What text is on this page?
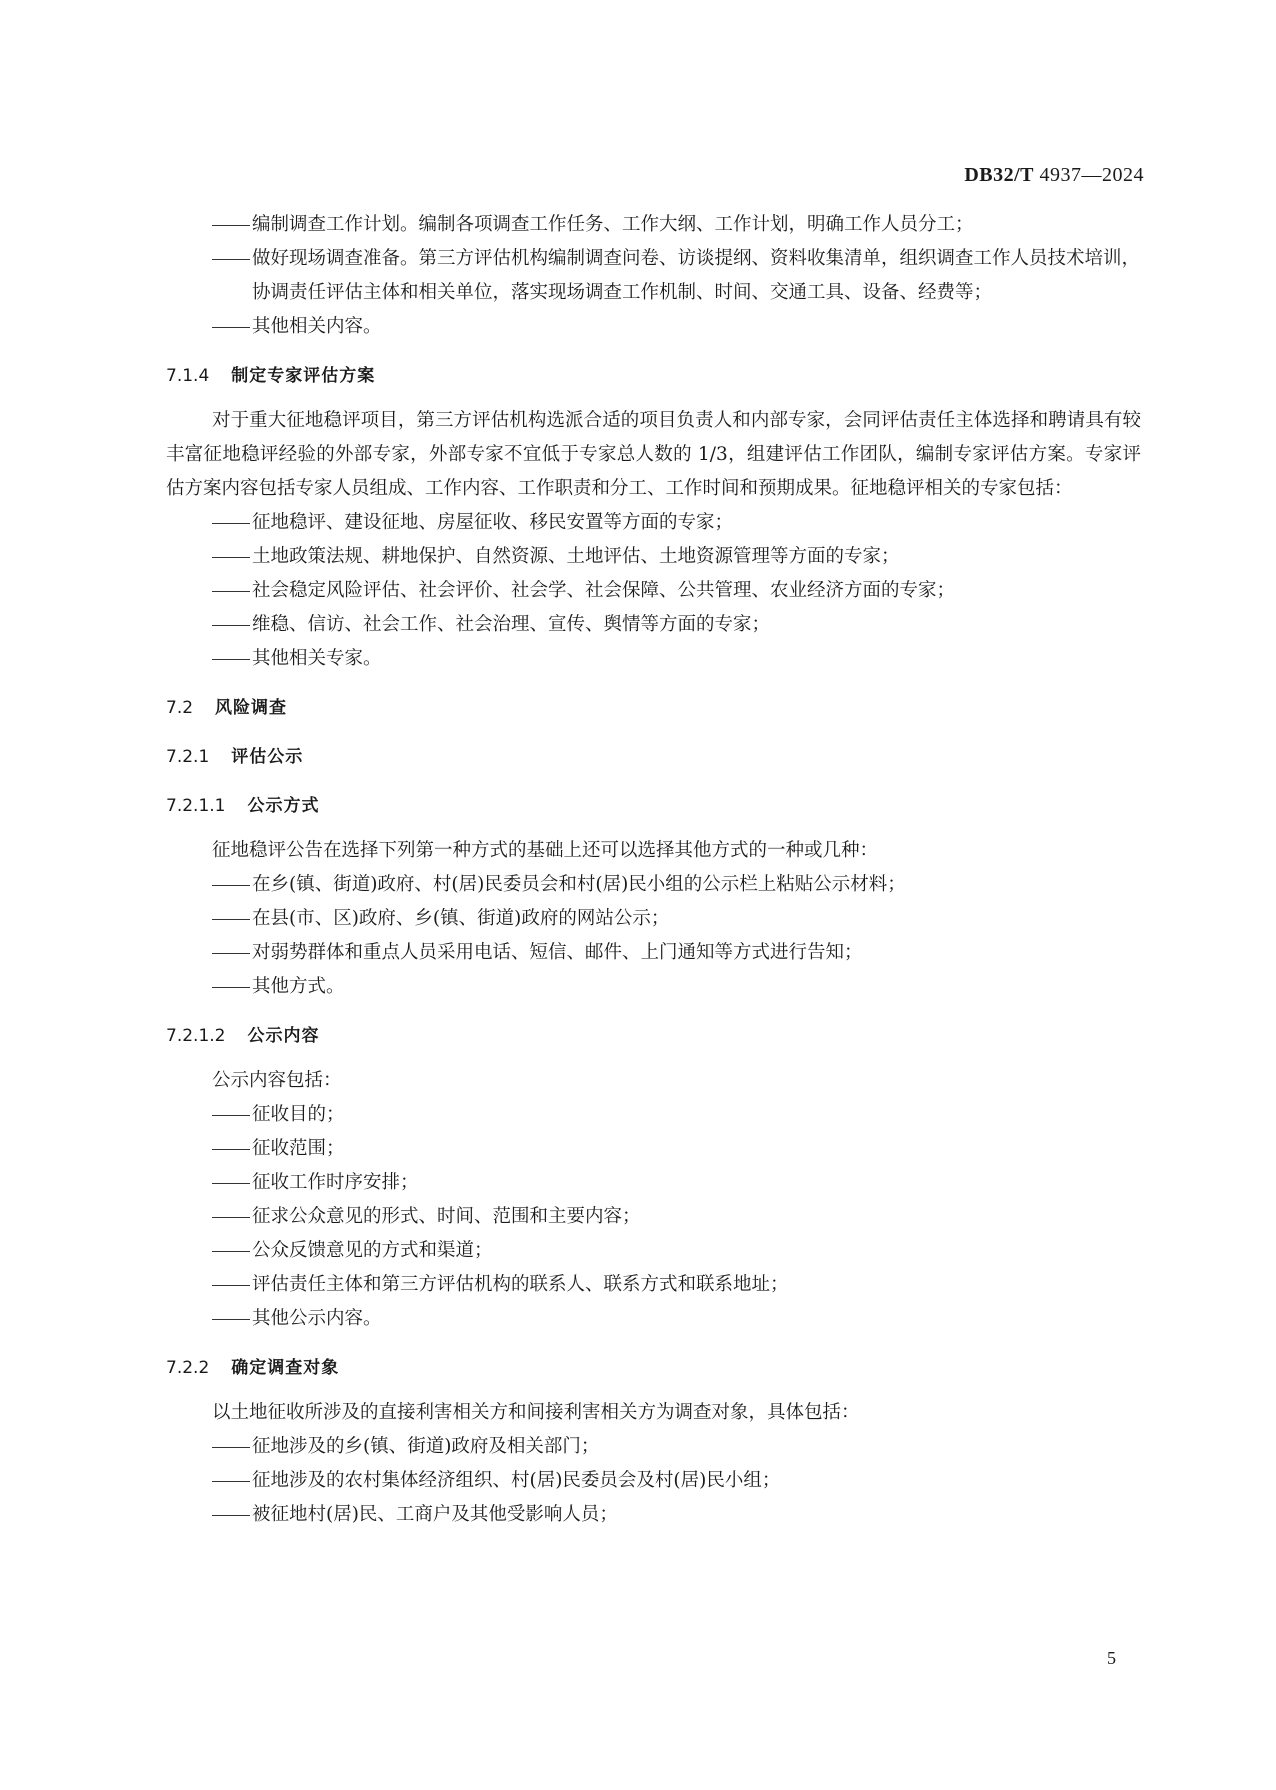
DB32/T 4937—2024
编制调查工作计划。编制各项调查工作任务、工作大纲、工作计划，明确工作人员分工；
做好现场调查准备。第三方评估机构编制调查问卷、访谈提纲、资料收集清单，组织调查工作人员技术培训，协调责任评估主体和相关单位，落实现场调查工作机制、时间、交通工具、设备、经费等；
其他相关内容。
7.1.4 制定专家评估方案
对于重大征地稳评项目，第三方评估机构选派合适的项目负责人和内部专家，会同评估责任主体选择和聘请具有较丰富征地稳评经验的外部专家，外部专家不宜低于专家总人数的 1/3，组建评估工作团队，编制专家评估方案。专家评估方案内容包括专家人员组成、工作内容、工作职责和分工、工作时间和预期成果。征地稳评相关的专家包括：
征地稳评、建设征地、房屋征收、移民安置等方面的专家；
土地政策法规、耕地保护、自然资源、土地评估、土地资源管理等方面的专家；
社会稳定风险评估、社会评价、社会学、社会保障、公共管理、农业经济方面的专家；
维稳、信访、社会工作、社会治理、宣传、舆情等方面的专家；
其他相关专家。
7.2 风险调查
7.2.1 评估公示
7.2.1.1 公示方式
征地稳评公告在选择下列第一种方式的基础上还可以选择其他方式的一种或几种：
在乡(镇、街道)政府、村(居)民委员会和村(居)民小组的公示栏上粘贴公示材料；
在县(市、区)政府、乡(镇、街道)政府的网站公示；
对弱势群体和重点人员采用电话、短信、邮件、上门通知等方式进行告知；
其他方式。
7.2.1.2 公示内容
公示内容包括：
征收目的；
征收范围；
征收工作时序安排；
征求公众意见的形式、时间、范围和主要内容；
公众反馈意见的方式和渠道；
评估责任主体和第三方评估机构的联系人、联系方式和联系地址；
其他公示内容。
7.2.2 确定调查对象
以土地征收所涉及的直接利害相关方和间接利害相关方为调查对象，具体包括：
征地涉及的乡(镇、街道)政府及相关部门；
征地涉及的农村集体经济组织、村(居)民委员会及村(居)民小组；
被征地村(居)民、工商户及其他受影响人员；
5
